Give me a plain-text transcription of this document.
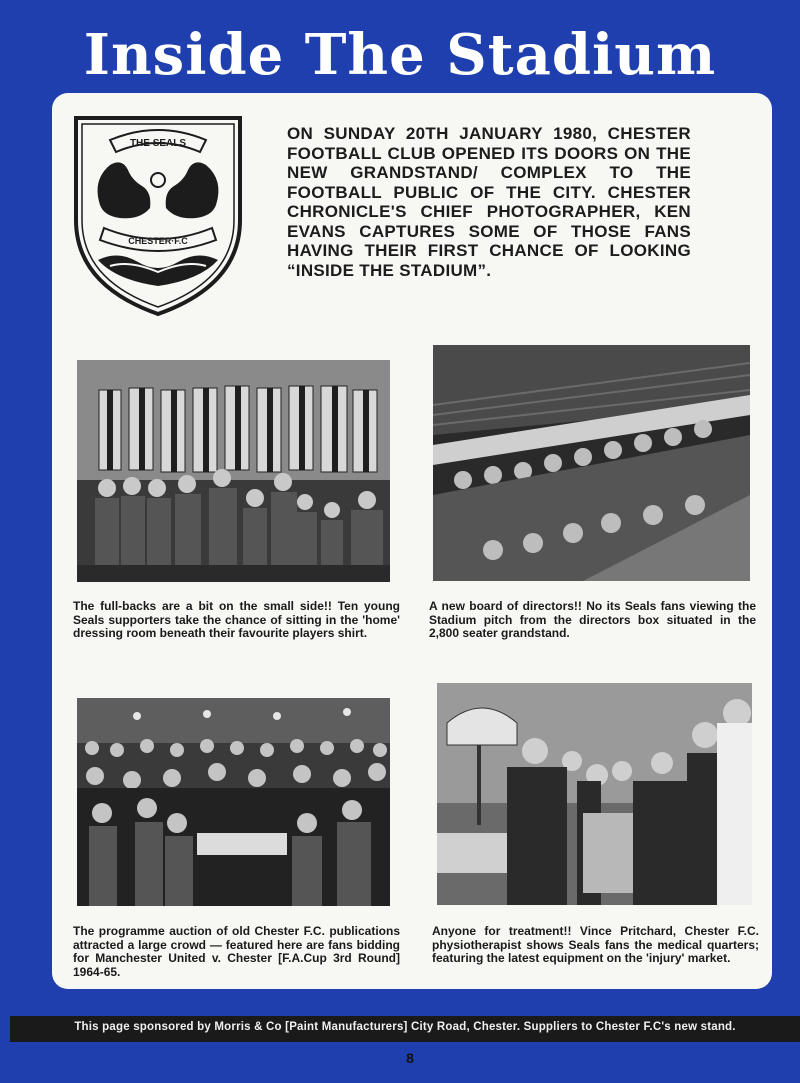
Inside The Stadium
THE SEALS
CHESTER·F.C
ON SUNDAY 20TH JANUARY 1980, CHESTER FOOTBALL CLUB OPENED ITS DOORS ON THE NEW GRANDSTAND/ COMPLEX TO THE FOOTBALL PUBLIC OF THE CITY. CHESTER CHRONICLE'S CHIEF PHOTOGRAPHER, KEN EVANS CAPTURES SOME OF THOSE FANS HAVING THEIR FIRST CHANCE OF LOOKING “INSIDE THE STADIUM”.
The full-backs are a bit on the small side!! Ten young Seals supporters take the chance of sitting in the 'home' dressing room beneath their favourite players shirt.
A new board of directors!! No its Seals fans viewing the Stadium pitch from the directors box situated in the 2,800 seater grandstand.
The programme auction of old Chester F.C. publications attracted a large crowd — featured here are fans bidding for Manchester United v. Chester [F.A.Cup 3rd Round] 1964-65.
Anyone for treatment!! Vince Pritchard, Chester F.C. physiotherapist shows Seals fans the medical quarters; featuring the latest equipment on the 'injury' market.
This page sponsored by Morris & Co [Paint Manufacturers] City Road, Chester. Suppliers to Chester F.C's new stand.
8
